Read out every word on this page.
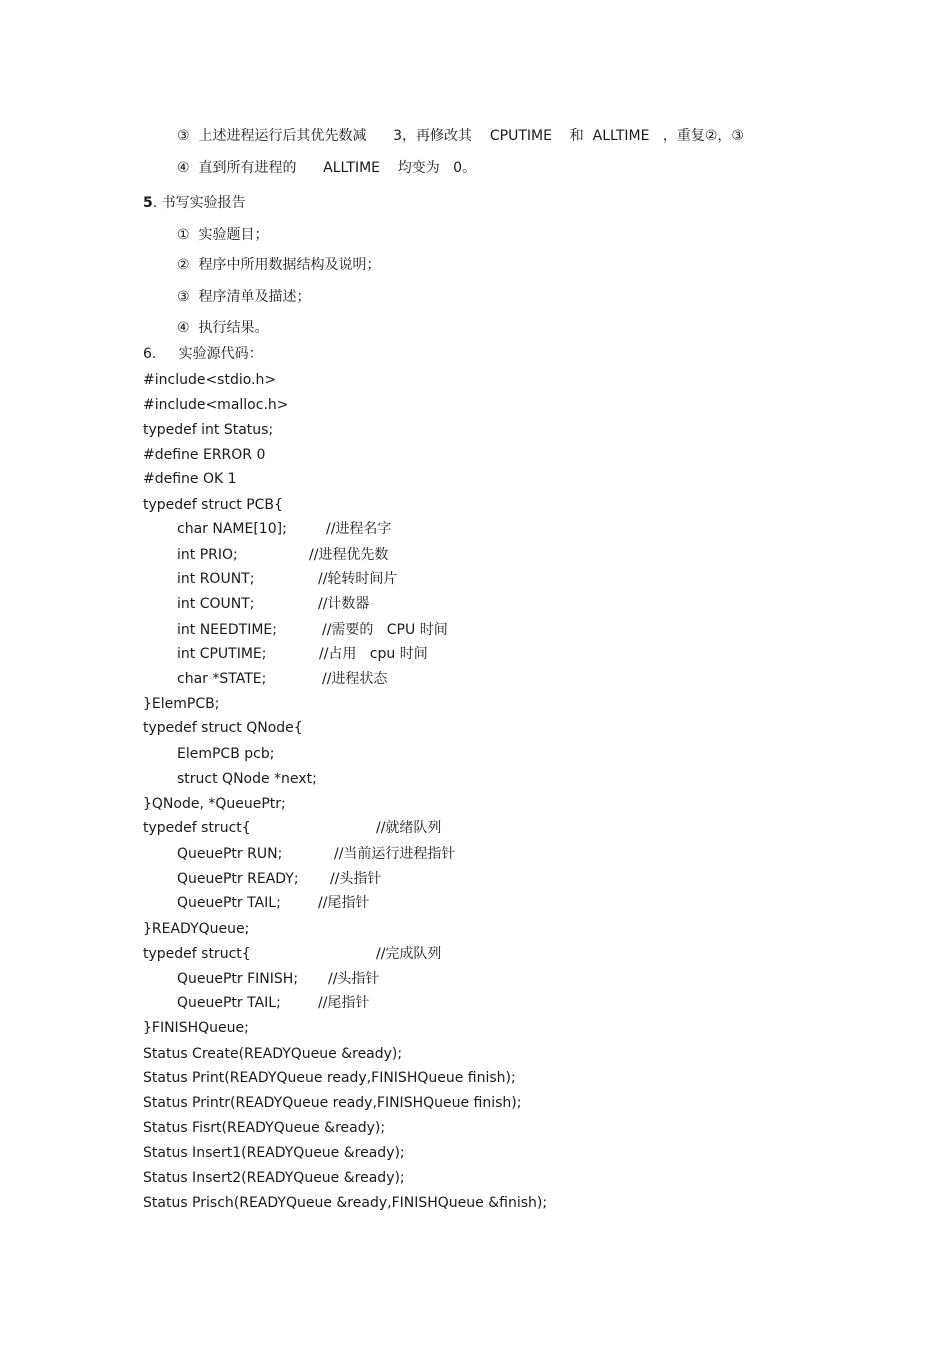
③  上述进程运行后其优先数减      3，再修改其    CPUTIME    和  ALLTIME   ，重复②，③
④  直到所有进程的      ALLTIME    均变为   0。
5. 书写实验报告
①  实验题目；
②  程序中所用数据结构及说明；
③  程序清单及描述；
④  执行结果。
6.     实验源代码：
#include<stdio.h>
#include<malloc.h>
typedef int Status;
#define ERROR 0
#define OK 1
typedef struct PCB{
char NAME[10];	//进程名字
int PRIO;	//进程优先数
int ROUNT;	//轮转时间片
int COUNT;	//计数器
int NEEDTIME;	//需要的   CPU 时间
int CPUTIME;	//占用   cpu 时间
char *STATE;	//进程状态
}ElemPCB;
typedef struct QNode{
ElemPCB pcb;
struct QNode *next;
}QNode, *QueuePtr;
typedef struct{	//就绪队列
QueuePtr RUN;	//当前运行进程指针
QueuePtr READY; //头指针
QueuePtr TAIL;	//尾指针
}READYQueue;
typedef struct{	//完成队列
QueuePtr FINISH; //头指针
QueuePtr TAIL;	//尾指针
}FINISHQueue;
Status Create(READYQueue &ready);
Status Print(READYQueue ready,FINISHQueue finish);
Status Printr(READYQueue ready,FINISHQueue finish);
Status Fisrt(READYQueue &ready);
Status Insert1(READYQueue &ready);
Status Insert2(READYQueue &ready);
Status Prisch(READYQueue &ready,FINISHQueue &finish);
